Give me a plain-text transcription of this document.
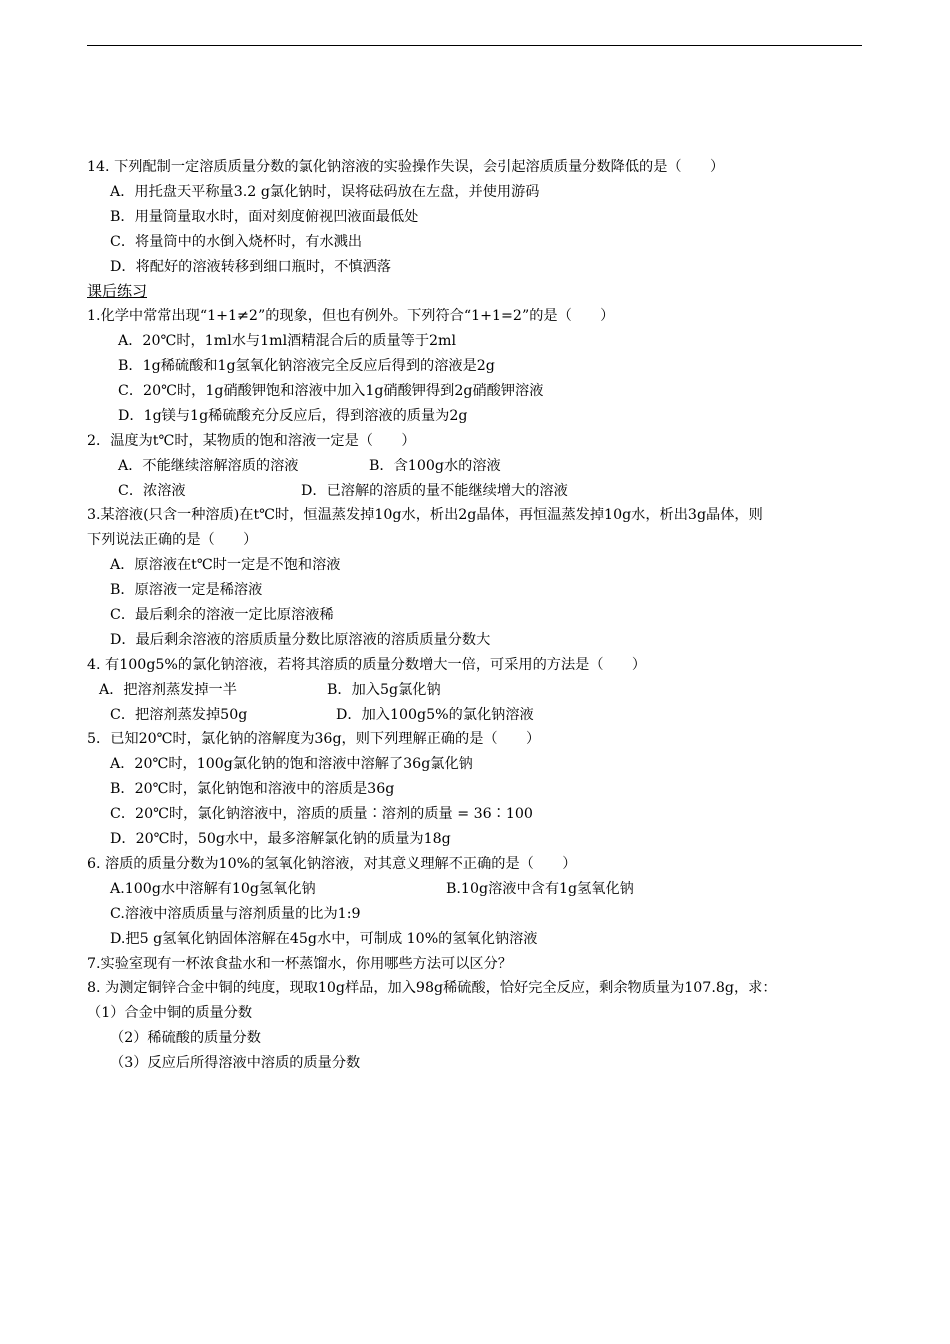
14. 下列配制一定溶质质量分数的氯化钠溶液的实验操作失误，会引起溶质质量分数降低的是（　　）
A．用托盘天平称量3.2 g氯化钠时，误将砝码放在左盘，并使用游码
B．用量筒量取水时，面对刻度俯视凹液面最低处
C．将量筒中的水倒入烧杯时，有水溅出
D．将配好的溶液转移到细口瓶时，不慎洒落
课后练习
1.化学中常常出现“1+1≠2”的现象，但也有例外。下列符合“1+1=2”的是（　　）
A．20℃时，1ml水与1ml酒精混合后的质量等于2ml
B．1g稀硫酸和1g氢氧化钠溶液完全反应后得到的溶液是2g
C．20℃时，1g硝酸钾饱和溶液中加入1g硝酸钾得到2g硝酸钾溶液
D．1g镁与1g稀硫酸充分反应后，得到溶液的质量为2g
2．温度为t℃时，某物质的饱和溶液一定是（　　）
A．不能继续溶解溶质的溶液	B．含100g水的溶液
C．浓溶液	D．已溶解的溶质的量不能继续增大的溶液
3.某溶液(只含一种溶质)在t℃时，恒温蒸发掉10g水，析出2g晶体，再恒温蒸发掉10g水，析出3g晶体，则
下列说法正确的是（　　）
A．原溶液在t℃时一定是不饱和溶液
B．原溶液一定是稀溶液
C．最后剩余的溶液一定比原溶液稀
D．最后剩余溶液的溶质质量分数比原溶液的溶质质量分数大
4. 有100g5%的氯化钠溶液，若将其溶质的质量分数增大一倍，可采用的方法是（　　）
A．把溶剂蒸发掉一半	B．加入5g氯化钠
C．把溶剂蒸发掉50g	D．加入100g5%的氯化钠溶液
5．已知20℃时，氯化钠的溶解度为36g，则下列理解正确的是（　　）
A．20℃时，100g氯化钠的饱和溶液中溶解了36g氯化钠
B．20℃时，氯化钠饱和溶液中的溶质是36g
C．20℃时，氯化钠溶液中，溶质的质量∶溶剂的质量 = 36∶100
D．20℃时，50g水中，最多溶解氯化钠的质量为18g
6. 溶质的质量分数为10%的氢氧化钠溶液，对其意义理解不正确的是（　　）
A.100g水中溶解有10g氢氧化钠	B.10g溶液中含有1g氢氧化钠
C.溶液中溶质质量与溶剂质量的比为1:9
D.把5 g氢氧化钠固体溶解在45g水中，可制成 10%的氢氧化钠溶液
7.实验室现有一杯浓食盐水和一杯蒸馏水，你用哪些方法可以区分？
8. 为测定铜锌合金中铜的纯度，现取10g样品，加入98g稀硫酸，恰好完全反应，剩余物质量为107.8g，求：
（1）合金中铜的质量分数
（2）稀硫酸的质量分数
（3）反应后所得溶液中溶质的质量分数
